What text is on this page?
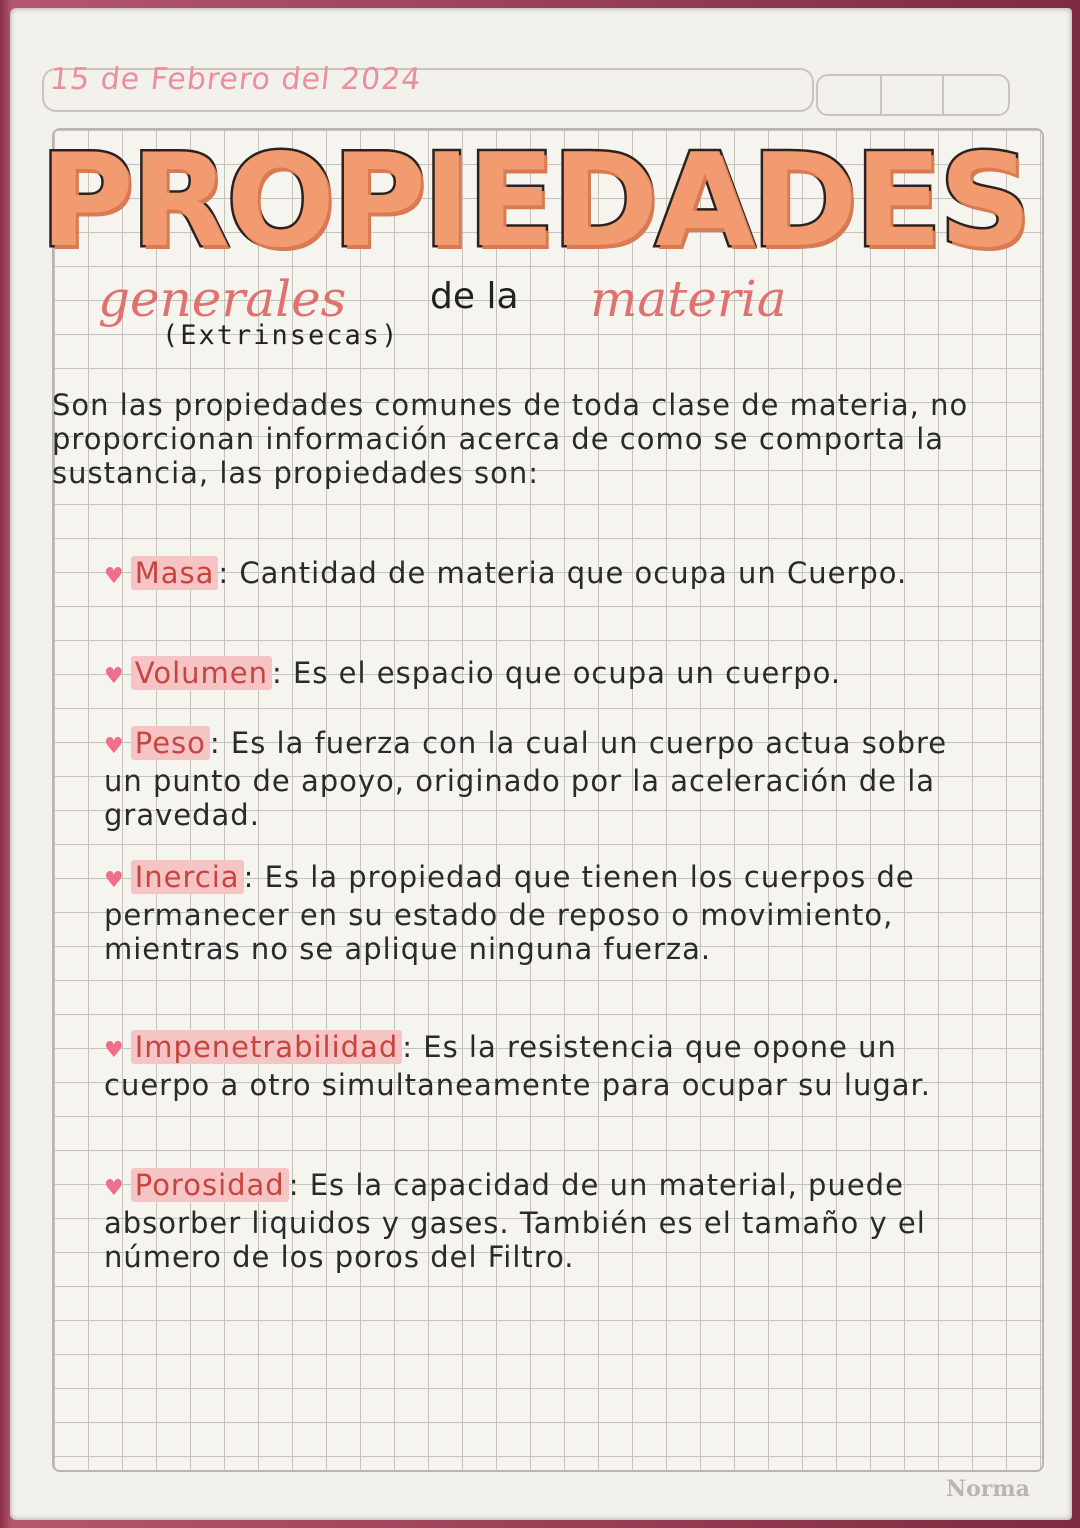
15 de Febrero del 2024
PROPIEDADES
generales de la materia
(Extrinsecas)
Son las propiedades comunes de toda clase de materia, no proporcionan información acerca de como se comporta la sustancia, las propiedades son:
♥ Masa : Cantidad de materia que ocupa un Cuerpo.
♥ Volumen : Es el espacio que ocupa un cuerpo.
♥ Peso : Es la fuerza con la cual un cuerpo actua sobre un punto de apoyo, originado por la aceleración de la gravedad.
♥ Inercia : Es la propiedad que tienen los cuerpos de permanecer en su estado de reposo o movimiento, mientras no se aplique ninguna fuerza.
♥ Impenetrabilidad : Es la resistencia que opone un cuerpo a otro simultaneamente para ocupar su lugar.
♥ Porosidad : Es la capacidad de un material, puede absorber liquidos y gases. También es el tamaño y el número de los poros del Filtro.
Norma
